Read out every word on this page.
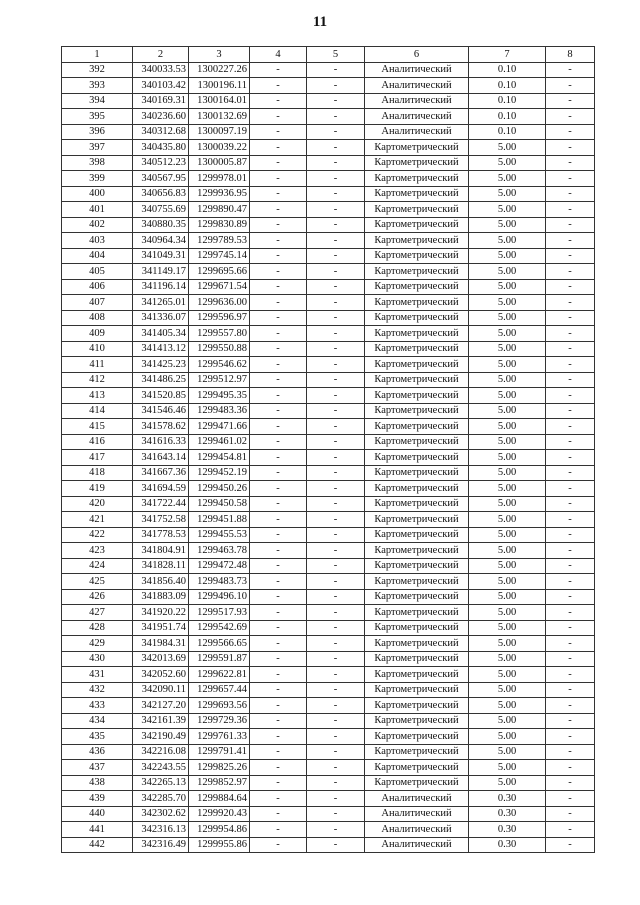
11
1	2	3	4	5	6	7	8
392	340033.53	1300227.26	-	-	Аналитический	0.10	-
393	340103.42	1300196.11	-	-	Аналитический	0.10	-
394	340169.31	1300164.01	-	-	Аналитический	0.10	-
395	340236.60	1300132.69	-	-	Аналитический	0.10	-
396	340312.68	1300097.19	-	-	Аналитический	0.10	-
397	340435.80	1300039.22	-	-	Картометрический	5.00	-
398	340512.23	1300005.87	-	-	Картометрический	5.00	-
399	340567.95	1299978.01	-	-	Картометрический	5.00	-
400	340656.83	1299936.95	-	-	Картометрический	5.00	-
401	340755.69	1299890.47	-	-	Картометрический	5.00	-
402	340880.35	1299830.89	-	-	Картометрический	5.00	-
403	340964.34	1299789.53	-	-	Картометрический	5.00	-
404	341049.31	1299745.14	-	-	Картометрический	5.00	-
405	341149.17	1299695.66	-	-	Картометрический	5.00	-
406	341196.14	1299671.54	-	-	Картометрический	5.00	-
407	341265.01	1299636.00	-	-	Картометрический	5.00	-
408	341336.07	1299596.97	-	-	Картометрический	5.00	-
409	341405.34	1299557.80	-	-	Картометрический	5.00	-
410	341413.12	1299550.88	-	-	Картометрический	5.00	-
411	341425.23	1299546.62	-	-	Картометрический	5.00	-
412	341486.25	1299512.97	-	-	Картометрический	5.00	-
413	341520.85	1299495.35	-	-	Картометрический	5.00	-
414	341546.46	1299483.36	-	-	Картометрический	5.00	-
415	341578.62	1299471.66	-	-	Картометрический	5.00	-
416	341616.33	1299461.02	-	-	Картометрический	5.00	-
417	341643.14	1299454.81	-	-	Картометрический	5.00	-
418	341667.36	1299452.19	-	-	Картометрический	5.00	-
419	341694.59	1299450.26	-	-	Картометрический	5.00	-
420	341722.44	1299450.58	-	-	Картометрический	5.00	-
421	341752.58	1299451.88	-	-	Картометрический	5.00	-
422	341778.53	1299455.53	-	-	Картометрический	5.00	-
423	341804.91	1299463.78	-	-	Картометрический	5.00	-
424	341828.11	1299472.48	-	-	Картометрический	5.00	-
425	341856.40	1299483.73	-	-	Картометрический	5.00	-
426	341883.09	1299496.10	-	-	Картометрический	5.00	-
427	341920.22	1299517.93	-	-	Картометрический	5.00	-
428	341951.74	1299542.69	-	-	Картометрический	5.00	-
429	341984.31	1299566.65	-	-	Картометрический	5.00	-
430	342013.69	1299591.87	-	-	Картометрический	5.00	-
431	342052.60	1299622.81	-	-	Картометрический	5.00	-
432	342090.11	1299657.44	-	-	Картометрический	5.00	-
433	342127.20	1299693.56	-	-	Картометрический	5.00	-
434	342161.39	1299729.36	-	-	Картометрический	5.00	-
435	342190.49	1299761.33	-	-	Картометрический	5.00	-
436	342216.08	1299791.41	-	-	Картометрический	5.00	-
437	342243.55	1299825.26	-	-	Картометрический	5.00	-
438	342265.13	1299852.97	-	-	Картометрический	5.00	-
439	342285.70	1299884.64	-	-	Аналитический	0.30	-
440	342302.62	1299920.43	-	-	Аналитический	0.30	-
441	342316.13	1299954.86	-	-	Аналитический	0.30	-
442	342316.49	1299955.86	-	-	Аналитический	0.30	-
